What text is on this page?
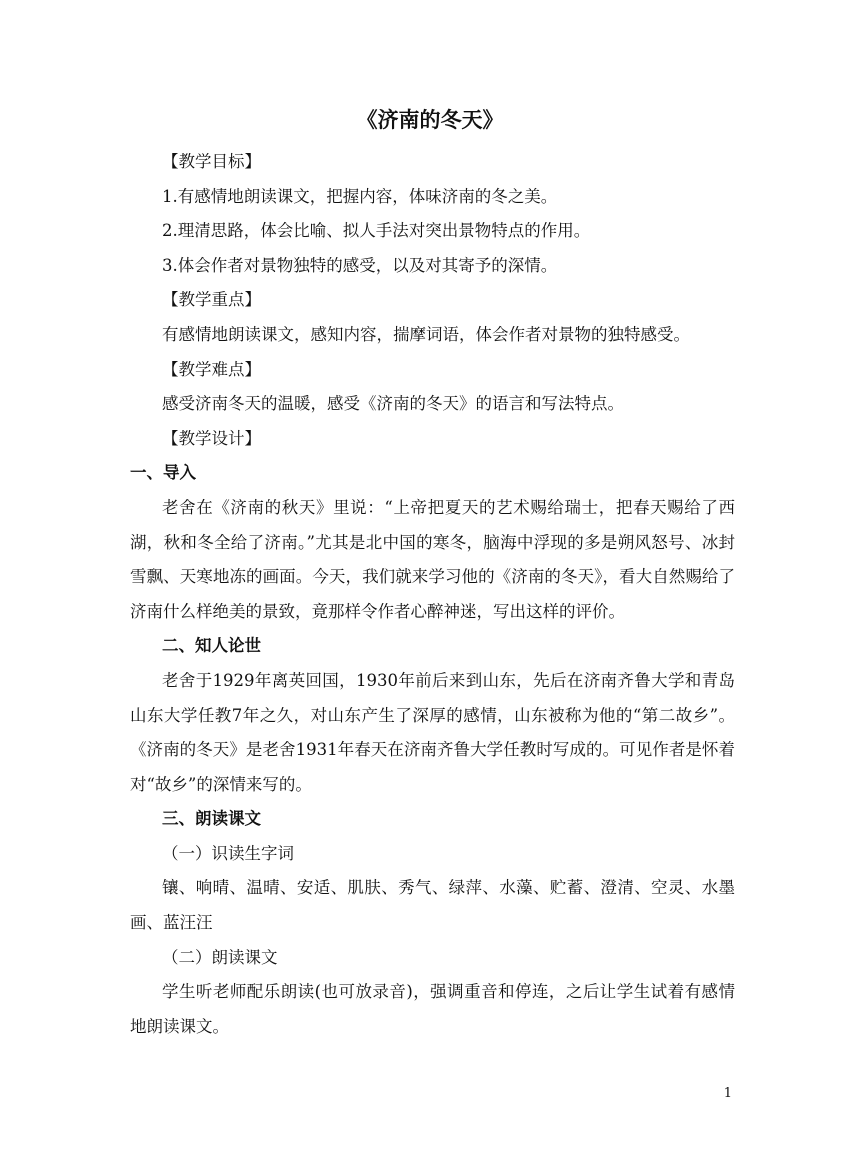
《济南的冬天》
【教学目标】
1.有感情地朗读课文，把握内容，体味济南的冬之美。
2.理清思路，体会比喻、拟人手法对突出景物特点的作用。
3.体会作者对景物独特的感受，以及对其寄予的深情。
【教学重点】
有感情地朗读课文，感知内容，揣摩词语，体会作者对景物的独特感受。
【教学难点】
感受济南冬天的温暖，感受《济南的冬天》的语言和写法特点。
【教学设计】
一、导入

老舍在《济南的秋天》里说：“上帝把夏天的艺术赐给瑞士，把春天赐给了西湖，秋和冬全给了济南。”尤其是北中国的寒冬，脑海中浮现的多是朔风怒号、冰封雪飘、天寒地冻的画面。今天，我们就来学习他的《济南的冬天》，看大自然赐给了济南什么样绝美的景致，竟那样令作者心醉神迷，写出这样的评价。

二、知人论世

老舍于1929年离英回国，1930年前后来到山东，先后在济南齐鲁大学和青岛山东大学任教7年之久，对山东产生了深厚的感情，山东被称为他的“第二故乡”。《济南的冬天》是老舍1931年春天在济南齐鲁大学任教时写成的。可见作者是怀着对“故乡”的深情来写的。

三、朗读课文
（一）识读生字词

镶、响晴、温晴、安适、肌肤、秀气、绿萍、水藻、贮蓄、澄清、空灵、水墨画、蓝汪汪

（二）朗读课文

学生听老师配乐朗读(也可放录音)，强调重音和停连，之后让学生试着有感情地朗读课文。

1
